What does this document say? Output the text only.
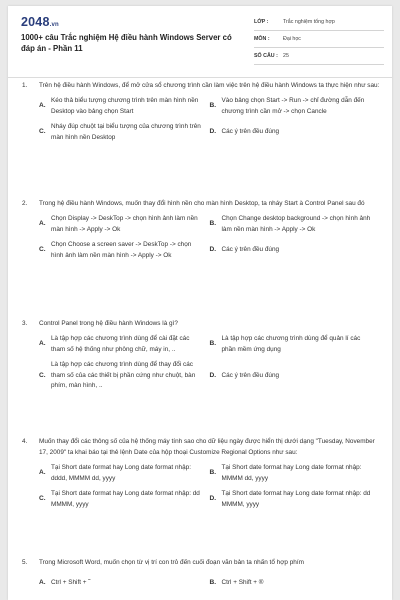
2048.vn
1000+ câu Trắc nghiệm Hệ điều hành Windows Server có đáp án - Phần 11
LỚP :	Trắc nghiệm tổng hợp
MÔN :	Đại học
SỐ CÂU : 25
1.	Trên hệ điều hành Windows, để mở cửa sổ chương trình cần làm việc trên hệ điều hành Windows ta thực hiện như sau:
A.
Kéo thả biểu tượng chương trình trên màn hình nền Desktop vào bảng chọn Start
B.
Vào bảng chọn Start -> Run -> chỉ đường dẫn đến chương trình cần mở -> chọn Cancle
C.
Nháy đúp chuột tại biểu tượng của chương trình trên màn hình nền Desktop
D. Các ý trên đều đúng
2.	Trong hệ điều hành Windows, muốn thay đổi hình nền cho màn hình Desktop, ta nháy Start à Control Panel sau đó
A.
Chọn Display -> DeskTop -> chọn hình ảnh làm nền màn hình -> Apply -> Ok
B.
Chọn Change desktop background -> chọn hình ảnh làm nền màn hình -> Apply -> Ok
C.
Chọn Choose a screen saver -> DeskTop -> chọn hình ảnh làm nền màn hình -> Apply -> Ok
D. Các ý trên đều đúng
3.	Control Panel trong hệ điều hành Windows là gì?
A.
Là tập hợp các chương trình dùng để cài đặt các tham số hệ thống như phông chữ, máy in, ..
B.
Là tập hợp các chương trình dùng để quản lí các phần mềm ứng dụng
C.
Là tập hợp các chương trình dùng để thay đổi các tham số của các thiết bị phần cứng như chuột, bàn phím, màn hình, ..
D. Các ý trên đều đúng
4.	Muốn thay đổi các thông số của hệ thống máy tính sao cho dữ liệu ngày được hiển thị dưới dạng "Tuesday, November 17, 2009" ta khai báo tại thẻ lệnh Date của hộp thoại Customize Regional Options như sau:
A.
Tại Short date format hay Long date format nhập: dddd, MMMM dd, yyyy
B.
Tại Short date format hay Long date format nhập: MMMM dd, yyyy
C.
Tại Short date format hay Long date format nhập: dd MMMM, yyyy
D.
Tại Short date format hay Long date format nhập: dd MMMM, yyyy
5.	Trong Microsoft Word, muốn chọn từ vị trí con trỏ đến cuối đoạn văn bản ta nhấn tổ hợp phím
A. Ctrl + Shift + ˜	B. Ctrl + Shift + ®
